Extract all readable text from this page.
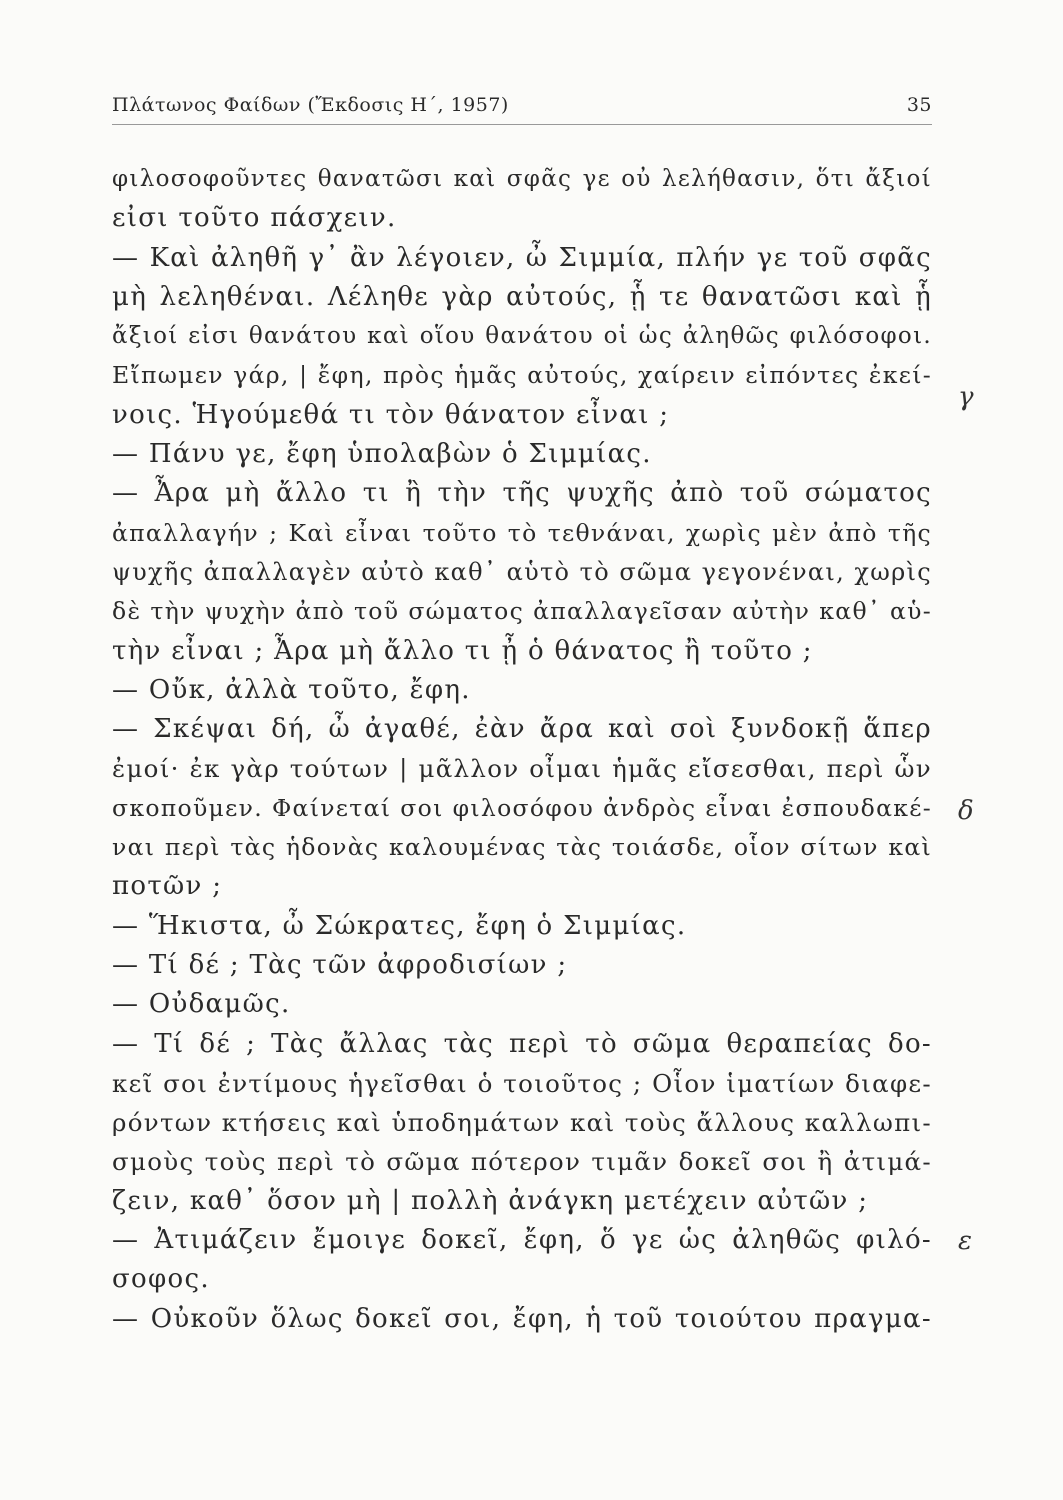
Πλάτωνος Φαίδων (Ἔκδοσις Η΄, 1957)	35
φιλοσοφοῦντες θανατῶσι καὶ σφᾶς γε οὐ λελήθασιν, ὅτι ἄξιοί
εἰσι τοῦτο πάσχειν.
— Καὶ ἀληθῆ γ᾽ ἂν λέγοιεν, ὦ Σιμμία, πλήν γε τοῦ σφᾶς
μὴ λεληθέναι. Λέληθε γὰρ αὐτούς, ᾗ τε θανατῶσι καὶ ᾗ
ἄξιοί εἰσι θανάτου καὶ οἵου θανάτου οἱ ὡς ἀληθῶς φιλόσοφοι.
Εἴπωμεν γάρ, | ἔφη, πρὸς ἡμᾶς αὐτούς, χαίρειν εἰπόντες ἐκεί-
νοις. Ἡγούμεθά τι τὸν θάνατον εἶναι ;
— Πάνυ γε, ἔφη ὑπολαβὼν ὁ Σιμμίας.
— Ἆρα μὴ ἄλλο τι ἢ τὴν τῆς ψυχῆς ἀπὸ τοῦ σώματος
ἀπαλλαγήν ; Καὶ εἶναι τοῦτο τὸ τεθνάναι, χωρὶς μὲν ἀπὸ τῆς
ψυχῆς ἀπαλλαγὲν αὐτὸ καθ᾽ αὑτὸ τὸ σῶμα γεγονέναι, χωρὶς
δὲ τὴν ψυχὴν ἀπὸ τοῦ σώματος ἀπαλλαγεῖσαν αὐτὴν καθ᾽ αὑ-
τὴν εἶναι ; Ἆρα μὴ ἄλλο τι ᾖ ὁ θάνατος ἢ τοῦτο ;
— Οὔκ, ἀλλὰ τοῦτο, ἔφη.
— Σκέψαι δή, ὦ ἀγαθέ, ἐὰν ἄρα καὶ σοὶ ξυνδοκῇ ἅπερ
ἐμοί· ἐκ γὰρ τούτων | μᾶλλον οἶμαι ἡμᾶς εἴσεσθαι, περὶ ὧν
σκοποῦμεν. Φαίνεταί σοι φιλοσόφου ἀνδρὸς εἶναι ἐσπουδακέ-
ναι περὶ τὰς ἡδονὰς καλουμένας τὰς τοιάσδε, οἷον σίτων καὶ
ποτῶν ;
— Ἥκιστα, ὦ Σώκρατες, ἔφη ὁ Σιμμίας.
— Τί δέ ; Τὰς τῶν ἀφροδισίων ;
— Οὐδαμῶς.
— Τί δέ ; Τὰς ἄλλας τὰς περὶ τὸ σῶμα θεραπείας δο-
κεῖ σοι ἐντίμους ἡγεῖσθαι ὁ τοιοῦτος ; Οἷον ἱματίων διαφε-
ρόντων κτήσεις καὶ ὑποδημάτων καὶ τοὺς ἄλλους καλλωπι-
σμοὺς τοὺς περὶ τὸ σῶμα πότερον τιμᾶν δοκεῖ σοι ἢ ἀτιμά-
ζειν, καθ᾽ ὅσον μὴ | πολλὴ ἀνάγκη μετέχειν αὐτῶν ;
— Ἀτιμάζειν ἔμοιγε δοκεῖ, ἔφη, ὅ γε ὡς ἀληθῶς φιλό-
σοφος.
— Οὐκοῦν ὅλως δοκεῖ σοι, ἔφη, ἡ τοῦ τοιούτου πραγμα-
γ
δ
ε
